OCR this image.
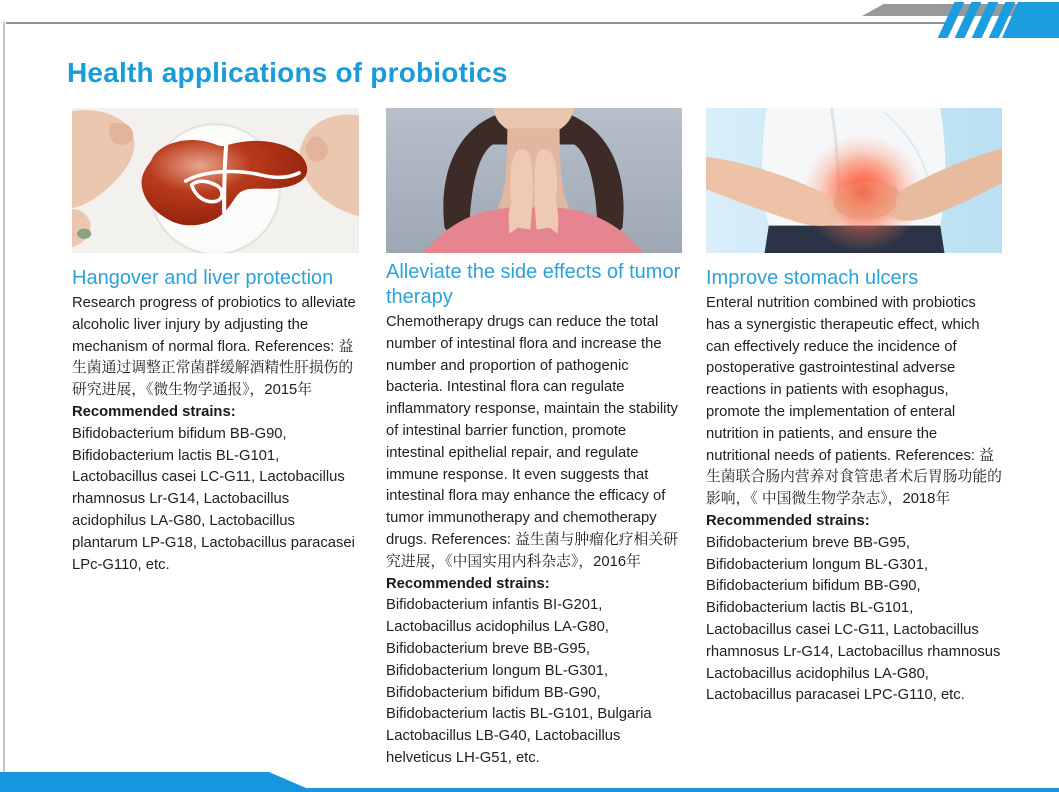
Health applications of probiotics
Hangover and liver protection

Research progress of probiotics to alleviate alcoholic liver injury by adjusting the mechanism of normal flora. References: 益生菌通过调整正常菌群缓解酒精性肝损伤的研究进展，《微生物学通报》，2015年

Recommended strains:

Bifidobacterium bifidum BB-G90, Bifidobacterium lactis BL-G101, Lactobacillus casei LC-G11, Lactobacillus rhamnosus Lr-G14, Lactobacillus acidophilus LA-G80, Lactobacillus plantarum LP-G18, Lactobacillus paracasei LPc-G110, etc.

Alleviate the side effects of tumor therapy

Chemotherapy drugs can reduce the total number of intestinal flora and increase the number and proportion of pathogenic bacteria. Intestinal flora can regulate inflammatory response, maintain the stability of intestinal barrier function, promote intestinal epithelial repair, and regulate immune response. It even suggests that intestinal flora may enhance the efficacy of tumor immunotherapy and chemotherapy drugs. References: 益生菌与肿瘤化疗相关研究进展，《中国实用内科杂志》，2016年

Recommended strains:

Bifidobacterium infantis BI-G201, Lactobacillus acidophilus LA-G80, Bifidobacterium breve BB-G95, Bifidobacterium longum BL-G301, Bifidobacterium bifidum BB-G90, Bifidobacterium lactis BL-G101, Bulgaria Lactobacillus LB-G40, Lactobacillus helveticus LH-G51, etc.

Improve stomach ulcers

Enteral nutrition combined with probiotics has a synergistic therapeutic effect, which can effectively reduce the incidence of postoperative gastrointestinal adverse reactions in patients with esophagus, promote the implementation of enteral nutrition in patients, and ensure the nutritional needs of patients. References: 益生菌联合肠内营养对食管患者术后胃肠功能的影响，《 中国微生物学杂志》，2018年

Recommended strains:

Bifidobacterium breve BB-G95, Bifidobacterium longum BL-G301, Bifidobacterium bifidum BB-G90, Bifidobacterium lactis BL-G101, Lactobacillus casei LC-G11, Lactobacillus rhamnosus Lr-G14, Lactobacillus rhamnosus Lactobacillus acidophilus LA-G80, Lactobacillus paracasei LPC-G110, etc.
